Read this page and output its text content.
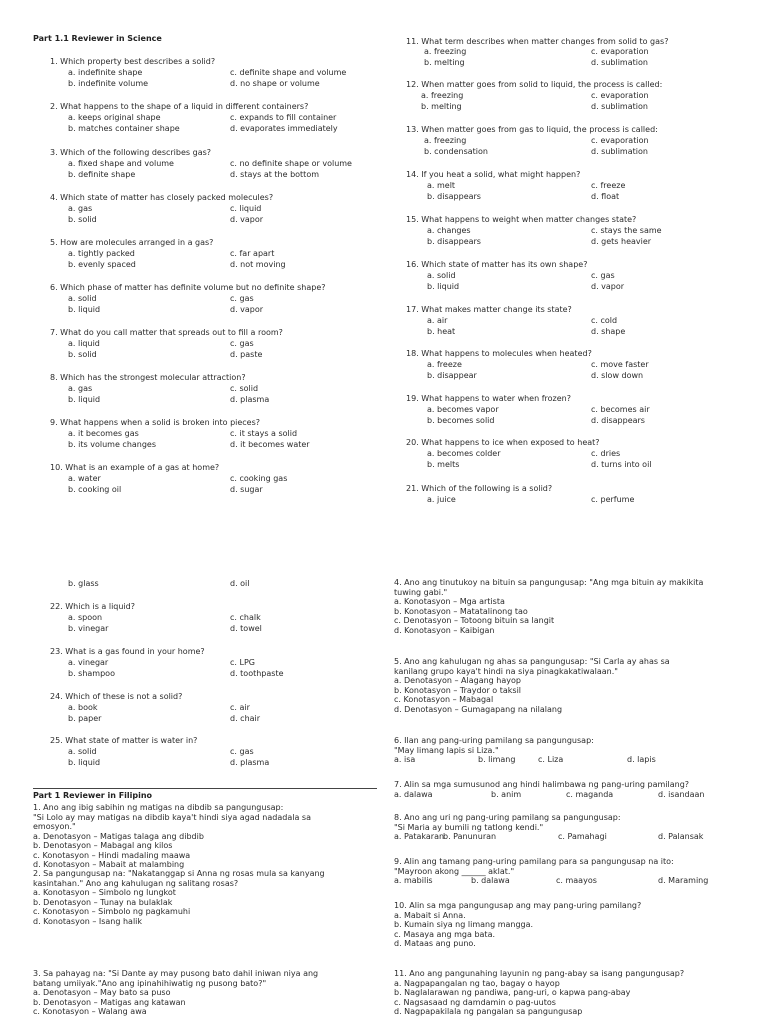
Part 1.1 Reviewer in Science
Part 1 Reviewer in Filipino
1. Which property best describes a solid?
a. indefinite shape
b. indefinite volume
c. definite shape and volume
d. no shape or volume
2. What happens to the shape of a liquid in different containers?
a. keeps original shape
b. matches container shape
c. expands to fill container
d. evaporates immediately
3. Which of the following describes gas?
a. fixed shape and volume
b. definite shape
c. no definite shape or volume
d. stays at the bottom
4. Which state of matter has closely packed molecules?
a. gas
b. solid
c. liquid
d. vapor
5. How are molecules arranged in a gas?
a. tightly packed
b. evenly spaced
c. far apart
d. not moving
6. Which phase of matter has definite volume but no definite shape?
a. solid
b. liquid
c. gas
d. vapor
7. What do you call matter that spreads out to fill a room?
a. liquid
b. solid
c. gas
d. paste
8. Which has the strongest molecular attraction?
a. gas
b. liquid
c. solid
d. plasma
9. What happens when a solid is broken into pieces?
a. it becomes gas
b. its volume changes
c. it stays a solid
d. it becomes water
10. What is an example of a gas at home?
a. water
b. cooking oil
c. cooking gas
d. sugar
11. What term describes when matter changes from solid to gas?
a. freezing
b. melting
c. evaporation
d. sublimation
12. When matter goes from solid to liquid, the process is called:
a. freezing
b. melting
c. evaporation
d. sublimation
13. When matter goes from gas to liquid, the process is called:
a. freezing
b. condensation
c. evaporation
d. sublimation
14. If you heat a solid, what might happen?
a. melt
b. disappears
c. freeze
d. float
15. What happens to weight when matter changes state?
a. changes
b. disappears
c. stays the same
d. gets heavier
16. Which state of matter has its own shape?
a. solid
b. liquid
c. gas
d. vapor
17. What makes matter change its state?
a. air
b. heat
c. cold
d. shape
18. What happens to molecules when heated?
a. freeze
b. disappear
c. move faster
d. slow down
19. What happens to water when frozen?
a. becomes vapor
b. becomes solid
c. becomes air
d. disappears
20. What happens to ice when exposed to heat?
a. becomes colder
b. melts
c. dries
d. turns into oil
21. Which of the following is a solid?
a. juice
b. glass
c. perfume
d. oil
22. Which is a liquid?
a. spoon
b. vinegar
c. chalk
d. towel
23. What is a gas found in your home?
a. vinegar
b. shampoo
c. LPG
d. toothpaste
24. Which of these is not a solid?
a. book
b. paper
c. air
d. chair
25. What state of matter is water in?
a. solid
b. liquid
c. gas
d. plasma
1. Ano ang ibig sabihin ng matigas na dibdib sa pangungusap:
"Si Lolo ay may matigas na dibdib kaya't hindi siya agad nadadala sa
emosyon."
a. Denotasyon – Matigas talaga ang dibdib
b. Denotasyon – Mabagal ang kilos
c. Konotasyon – Hindi madaling maawa
d. Konotasyon – Mabait at malambing
2. Sa pangungusap na: "Nakatanggap si Anna ng rosas mula sa kanyang
kasintahan." Ano ang kahulugan ng salitang rosas?
a. Konotasyon – Simbolo ng lungkot
b. Denotasyon – Tunay na bulaklak
c. Konotasyon – Simbolo ng pagkamuhi
d. Konotasyon – Isang halik
3. Sa pahayag na: "Si Dante ay may pusong bato dahil iniwan niya ang
batang umiiyak."Ano ang ipinahihiwatig ng pusong bato?"
a. Denotasyon – May bato sa puso
b. Denotasyon – Matigas ang katawan
c. Konotasyon – Walang awa
4. Ano ang tinutukoy na bituin sa pangungusap: "Ang mga bituin ay makikita
tuwing gabi."
a. Konotasyon – Mga artista
b. Konotasyon – Matatalinong tao
c. Denotasyon – Totoong bituin sa langit
d. Konotasyon – Kaibigan
5. Ano ang kahulugan ng ahas sa pangungusap: "Si Carla ay ahas sa
kanilang grupo kaya't hindi na siya pinagkakatiwalaan."
a. Denotasyon – Alagang hayop
b. Konotasyon – Traydor o taksil
c. Konotasyon – Mabagal
d. Denotasyon – Gumagapang na nilalang
6. Ilan ang pang-uring pamilang sa pangungusap:
"May limang lapis si Liza."
a. isa	b. limang	c. Liza	d. lapis
7. Alin sa mga sumusunod ang hindi halimbawa ng pang-uring pamilang?
a. dalawa	b. anim	c. maganda	d. isandaan
8. Ano ang uri ng pang-uring pamilang sa pangungusap:
"Si Maria ay bumili ng tatlong kendi."
a. Patakaran
b. Panunuran	c. Pamahagi	d. Palansak
9. Alin ang tamang pang-uring pamilang para sa pangungusap na ito:
"Mayroon akong ______ aklat."
a. mabilis	b. dalawa	c. maayos	d. Maraming
10. Alin sa mga pangungusap ang may pang-uring pamilang?
a. Mabait si Anna.
b. Kumain siya ng limang mangga.
c. Masaya ang mga bata.
d. Mataas ang puno.
11. Ano ang pangunahing layunin ng pang-abay sa isang pangungusap?
a. Nagpapangalan ng tao, bagay o hayop
b. Naglalarawan ng pandiwa, pang-uri, o kapwa pang-abay
c. Nagsasaad ng damdamin o pag-uutos
d. Nagpapakilala ng pangalan sa pangungusap
